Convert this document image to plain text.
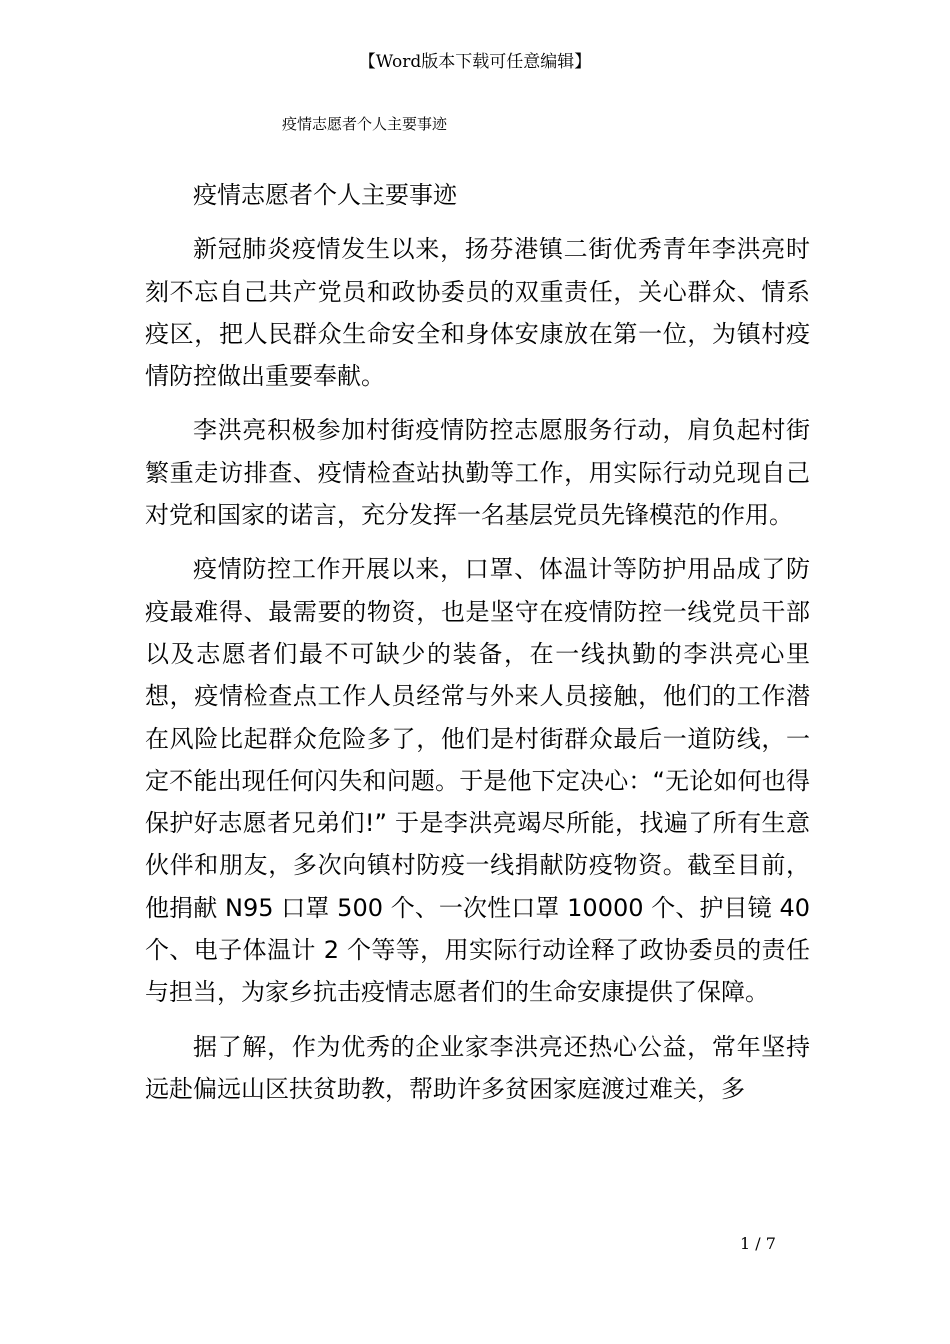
【Word版本下载可任意编辑】
疫情志愿者个人主要事迹

疫情志愿者个人主要事迹

新冠肺炎疫情发生以来，扬芬港镇二街优秀青年李洪亮时刻不忘自己共产党员和政协委员的双重责任，关心群众、情系疫区，把人民群众生命安全和身体安康放在第一位，为镇村疫情防控做出重要奉献。

李洪亮积极参加村街疫情防控志愿服务行动，肩负起村街繁重走访排查、疫情检查站执勤等工作，用实际行动兑现自己对党和国家的诺言，充分发挥一名基层党员先锋模范的作用。

疫情防控工作开展以来，口罩、体温计等防护用品成了防疫最难得、最需要的物资，也是坚守在疫情防控一线党员干部以及志愿者们最不可缺少的装备，在一线执勤的李洪亮心里想，疫情检查点工作人员经常与外来人员接触，他们的工作潜在风险比起群众危险多了，他们是村街群众最后一道防线，一定不能出现任何闪失和问题。于是他下定决心：“无论如何也得保护好志愿者兄弟们!” 于是李洪亮竭尽所能，找遍了所有生意伙伴和朋友，多次向镇村防疫一线捐献防疫物资。截至目前，他捐献 N95 口罩 500 个、一次性口罩 10000 个、护目镜 40 个、电子体温计 2 个等等，用实际行动诠释了政协委员的责任与担当，为家乡抗击疫情志愿者们的生命安康提供了保障。

据了解，作为优秀的企业家李洪亮还热心公益，常年坚持远赴偏远山区扶贫助教，帮助许多贫困家庭渡过难关，多

1 / 7
